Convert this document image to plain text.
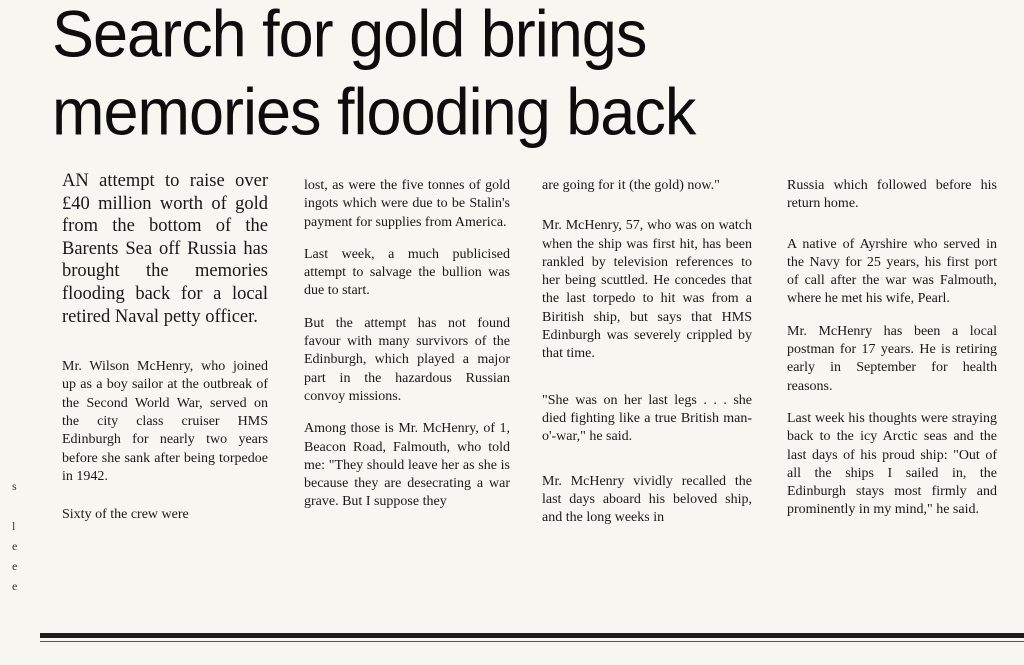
Search for gold brings
memories flooding back
s
l
e
e
e

AN attempt to raise over £40 million worth of gold from the bottom of the Barents Sea off Russia has brought the memories flooding back for a local retired Naval petty officer.

Mr. Wilson McHenry, who joined up as a boy sailor at the outbreak of the Second World War, served on the city class cruiser HMS Edinburgh for nearly two years before she sank after being torpedoe in 1942.

Sixty of the crew were

lost, as were the five tonnes of gold ingots which were due to be Stalin's payment for supplies from America.

Last week, a much publicised attempt to salvage the bullion was due to start.

But the attempt has not found favour with many survivors of the Edinburgh, which played a major part in the hazardous Russian convoy missions.

Among those is Mr. McHenry, of 1, Beacon Road, Falmouth, who told me: "They should leave her as she is because they are desecrating a war grave. But I suppose they

are going for it (the gold) now."

Mr. McHenry, 57, who was on watch when the ship was first hit, has been rankled by television references to her being scuttled. He concedes that the last torpedo to hit was from a Biritish ship, but says that HMS Edinburgh was severely crippled by that time.

"She was on her last legs . . . she died fighting like a true British man-o'-war," he said.

Mr. McHenry vividly recalled the last days aboard his beloved ship, and the long weeks in

Russia which followed before his return home.

A native of Ayrshire who served in the Navy for 25 years, his first port of call after the war was Falmouth, where he met his wife, Pearl.

Mr. McHenry has been a local postman for 17 years. He is retiring early in September for health reasons.

Last week his thoughts were straying back to the icy Arctic seas and the last days of his proud ship: "Out of all the ships I sailed in, the Edinburgh stays most firmly and prominently in my mind," he said.
